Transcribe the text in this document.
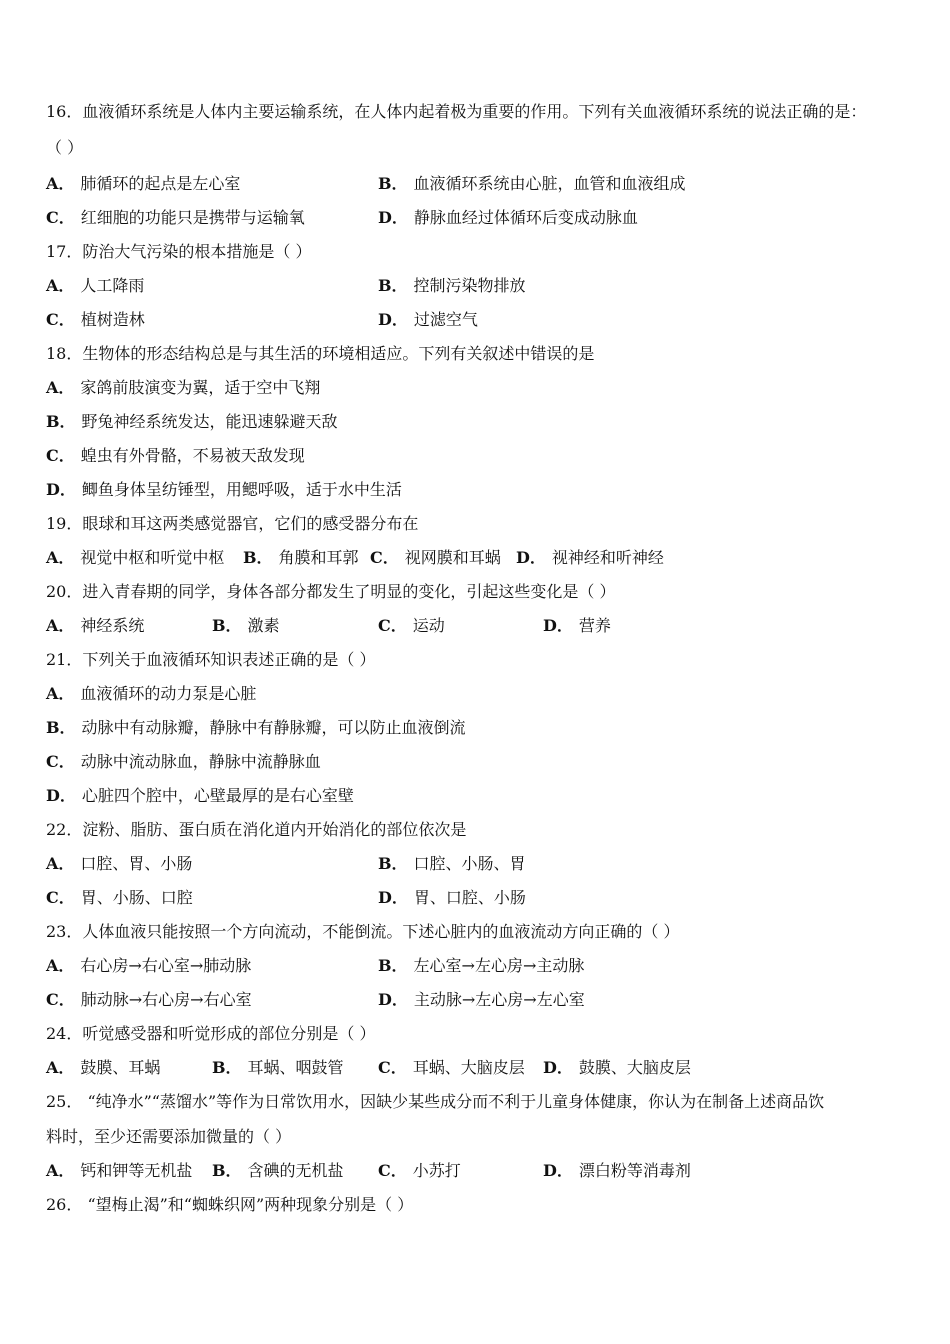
16．血液循环系统是人体内主要运输系统，在人体内起着极为重要的作用。下列有关血液循环系统的说法正确的是：
（ ）
A． 肺循环的起点是左心室	B． 血液循环系统由心脏，血管和血液组成
C． 红细胞的功能只是携带与运输氧	D． 静脉血经过体循环后变成动脉血
17．防治大气污染的根本措施是（ ）
A． 人工降雨	B． 控制污染物排放
C． 植树造林	D． 过滤空气
18．生物体的形态结构总是与其生活的环境相适应。下列有关叙述中错误的是
A． 家鸽前肢演变为翼，适于空中飞翔
B． 野兔神经系统发达，能迅速躲避天敌
C． 蝗虫有外骨骼，不易被天敌发现
D． 鲫鱼身体呈纺锤型，用鳃呼吸，适于水中生活
19．眼球和耳这两类感觉器官，它们的感受器分布在
A． 视觉中枢和听觉中枢 B． 角膜和耳郭 C． 视网膜和耳蜗 D． 视神经和听神经
20．进入青春期的同学，身体各部分都发生了明显的变化，引起这些变化是（ ）
A． 神经系统	B． 激素	C． 运动	D． 营养
21．下列关于血液循环知识表述正确的是（ ）
A． 血液循环的动力泵是心脏
B． 动脉中有动脉瓣，静脉中有静脉瓣，可以防止血液倒流
C． 动脉中流动脉血，静脉中流静脉血
D． 心脏四个腔中，心壁最厚的是右心室壁
22．淀粉、脂肪、蛋白质在消化道内开始消化的部位依次是
A． 口腔、胃、小肠	B． 口腔、小肠、胃
C． 胃、小肠、口腔	D． 胃、口腔、小肠
23．人体血液只能按照一个方向流动，不能倒流。下述心脏内的血液流动方向正确的（ ）
A． 右心房→右心室→肺动脉	B． 左心室→左心房→主动脉
C． 肺动脉→右心房→右心室	D． 主动脉→左心房→左心室
24．听觉感受器和听觉形成的部位分别是（ ）
A． 鼓膜、耳蜗	B． 耳蜗、咽鼓管 C． 耳蜗、大脑皮层 D． 鼓膜、大脑皮层
25． “纯净水”“蒸馏水”等作为日常饮用水，因缺少某些成分而不利于儿童身体健康，你认为在制备上述商品饮
料时，至少还需要添加微量的（ ）
A． 钙和钾等无机盐 B． 含碘的无机盐 C． 小苏打	D． 漂白粉等消毒剂
26． “望梅止渴”和“蜘蛛织网”两种现象分别是（ ）
